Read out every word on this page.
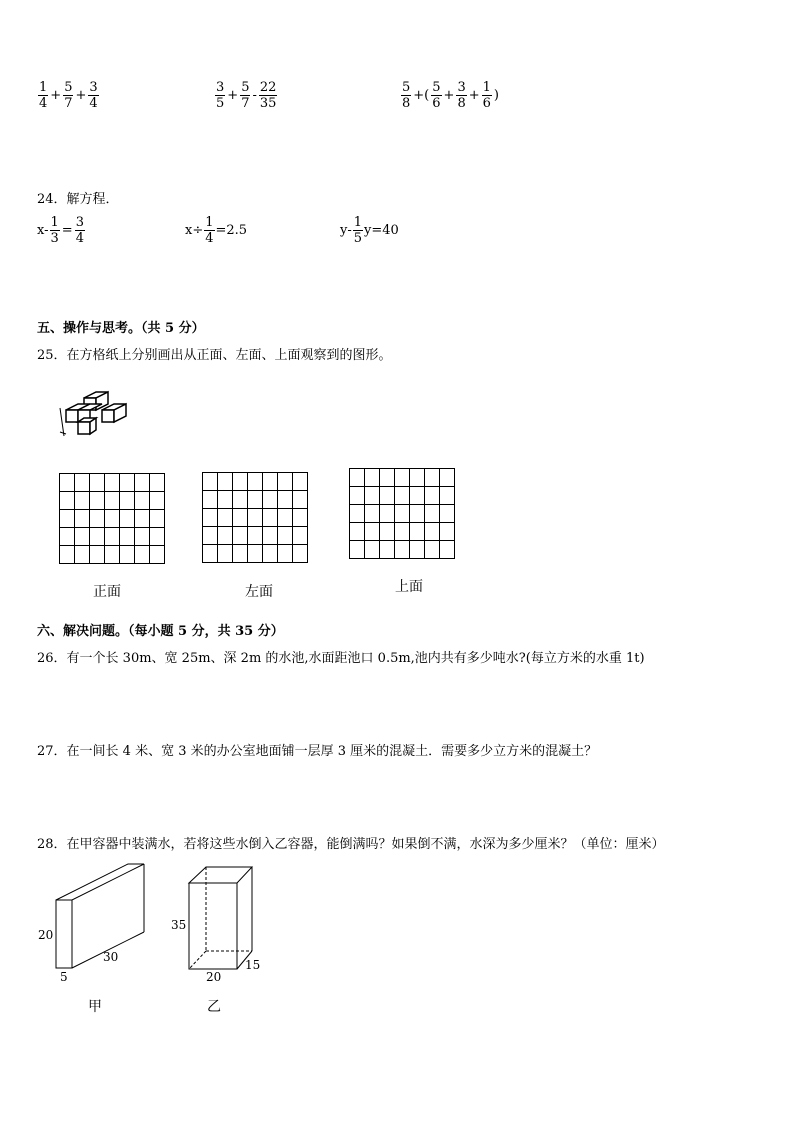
$\frac{1}{4} + \frac{5}{7} + \frac{3}{4}$	$\frac{3}{5} + \frac{5}{7} - \frac{22}{35}$	$\frac{5}{8}$ +( $\frac{5}{6} + \frac{3}{8} + \frac{1}{6}$ )
24．解方程．
$x- \frac{1}{3} = \frac{3}{4}$	$x\div \frac{1}{4} =2.5$	$y- \frac{1}{5} y=40$
五、操作与思考。（共 5 分）
25．在方格纸上分别画出从正面、左面、上面观察到的图形。

正面

							左面

							上面
六、解决问题。（每小题 5 分，共 35 分）
26．有一个长 30m、宽 25m、深 2m 的水池,水面距池口 0.5m,池内共有多少吨水?(每立方米的水重 1t)
27．在一间长 4 米、宽 3 米的办公室地面铺一层厚 3 厘米的混凝土．需要多少立方米的混凝土？
28．在甲容器中装满水，若将这些水倒入乙容器，能倒满吗？如果倒不满，水深为多少厘米？（单位：厘米）
20
5
30
甲
35
20
15
乙
